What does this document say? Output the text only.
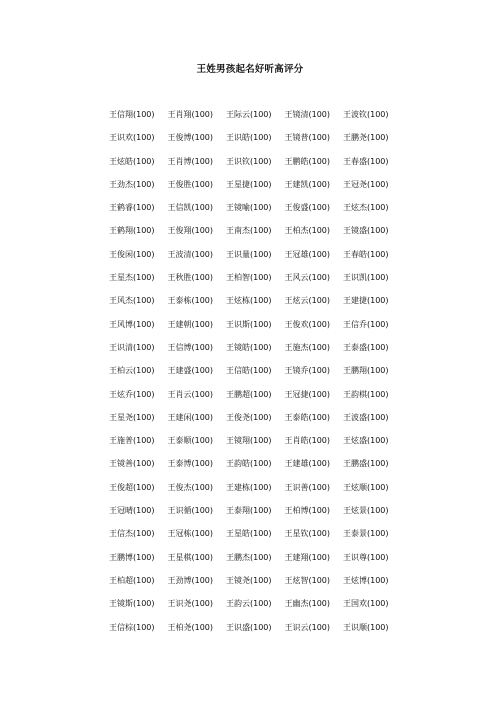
王姓男孩起名好听高评分
王信翔(100)	王肖翔(100)	王际云(100)	王镜清(100)	王波钦(100)
王识欢(100)	王俊博(100)	王识皓(100)	王镜普(100)	王鹏尧(100)
王炫皓(100)	王肖博(100)	王识钦(100)	王鹏皓(100)	王春盛(100)
王劲杰(100)	王俊胜(100)	王星捷(100)	王建凯(100)	王冠尧(100)
王鹤睿(100)	王信凯(100)	王镜喻(100)	王俊盛(100)	王炫杰(100)
王鹤翔(100)	王俊翔(100)	王南杰(100)	王柏杰(100)	王镜盛(100)
王俊闲(100)	王波清(100)	王识量(100)	王冠雄(100)	王春皓(100)
王星杰(100)	王秋胜(100)	王柏智(100)	王风云(100)	王识凯(100)
王风杰(100)	王泰栋(100)	王炫栋(100)	王炫云(100)	王建捷(100)
王风博(100)	王建朝(100)	王识斯(100)	王俊欢(100)	王信乔(100)
王识清(100)	王信博(100)	王镜皓(100)	王施杰(100)	王泰盛(100)
王柏云(100)	王建盛(100)	王信皓(100)	王镜乔(100)	王鹏翔(100)
王炫乔(100)	王肖云(100)	王鹏超(100)	王冠捷(100)	王韵棋(100)
王星尧(100)	王建闲(100)	王俊尧(100)	王泰皓(100)	王波盛(100)
王施普(100)	王泰顺(100)	王镜翔(100)	王肖皓(100)	王炫盛(100)
王镜善(100)	王泰博(100)	王韵皓(100)	王建雄(100)	王鹏盛(100)
王俊超(100)	王俊杰(100)	王建栋(100)	王识善(100)	王炫顺(100)
王冠晴(100)	王识循(100)	王泰翔(100)	王柏博(100)	王炫景(100)
王信杰(100)	王冠栋(100)	王星皓(100)	王星钦(100)	王泰景(100)
王鹏博(100)	王星棋(100)	王鹏杰(100)	王建翔(100)	王识尊(100)
王柏超(100)	王劲博(100)	王镜尧(100)	王炫智(100)	王炫博(100)
王镜斯(100)	王识尧(100)	王韵云(100)	王幽杰(100)	王国欢(100)
王信棕(100)	王柏尧(100)	王识盛(100)	王识云(100)	王识顺(100)
